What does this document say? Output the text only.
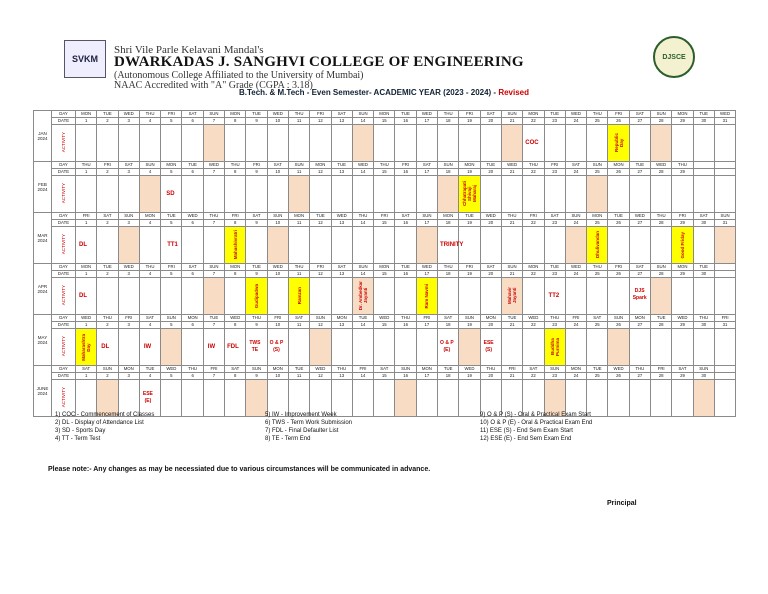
SVKM
Shri Vile Parle Kelavani Mandal's
DWARKADAS J. SANGHVI COLLEGE OF ENGINEERING
(Autonomous College Affiliated to the University of Mumbai)
NAAC Accredited with "A" Grade (CGPA : 3.18)
DJSCE
B.Tech. & M.Tech - Even Semester- ACADEMIC YEAR (2023 - 2024) - Revised
JAN
2024	DAY	MON	TUE	WED	THU	FRI	SAT	SUN	MON	TUE	WED	THU	FRI	SAT	SUN	MON	TUE	WED	THU	FRI	SAT	SUN	MON	TUE	WED	THU	FRI	SAT	SUN	MON	TUE	WED
	DATE	1	2	3	4	5	6	7	8	9	10	11	12	13	14	15	16	17	18	19	20	21	22	23	24	25	26	27	28	29	30	31
	ACTIVITY																						COC				Republic
Day					

FEB
2024	DAY	THU	FRI	SAT	SUN	MON	TUE	WED	THU	FRI	SAT	SUN	MON	TUE	WED	THU	FRI	SAT	SUN	MON	TUE	WED	THU	FRI	SAT	SUN	MON	TUE	WED	THU		
	DATE	1	2	3	4	5	6	7	8	9	10	11	12	13	14	15	16	17	18	19	20	21	22	23	24	25	26	27	28	29		
	ACTIVITY					SD														Chhatrapati
Shivaji
Maharaj												

MAR
2024	DAY	FRI	SAT	SUN	MON	TUE	WED	THU	FRI	SAT	SUN	MON	TUE	WED	THU	FRI	SAT	SUN	MON	TUE	WED	THU	FRI	SAT	SUN	MON	TUE	WED	THU	FRI	SAT	SUN
	DATE	1	2	3	4	5	6	7	8	9	10	11	12	13	14	15	16	17	18	19	20	21	22	23	24	25	26	27	28	29	30	31
	ACTIVITY	DL				TT1			Mahashivratri										TRINITY							Dhulivandan				Good Friday		

APR
2024	DAY	MON	TUE	WED	THU	FRI	SAT	SUN	MON	TUE	WED	THU	FRI	SAT	SUN	MON	TUE	WED	THU	FRI	SAT	SUN	MON	TUE	WED	THU	FRI	SAT	SUN	MON	TUE	
	DATE	1	2	3	4	5	6	7	8	9	10	11	12	13	14	15	16	17	18	19	20	21	22	23	24	25	26	27	28	29	30	
	ACTIVITY	DL								Gudipadwa		Ramzan			Dr. Ambedkar
Jayanti			Ram Navmi				Mahavir
Jayanti		TT2				DJS
Spark				

MAY
2024	DAY	WED	THU	FRI	SAT	SUN	MON	TUE	WED	THU	FRI	SAT	SUN	MON	TUE	WED	THU	FRI	SAT	SUN	MON	TUE	WED	THU	FRI	SAT	SUN	MON	TUE	WED	THU	FRI
	DATE	1	2	3	4	5	6	7	8	9	10	11	12	13	14	15	16	17	18	19	20	21	22	23	24	25	26	27	28	29	30	31
	ACTIVITY	Maharashtra
Day	DL		IW			IW	FDL	TWS
TE	O & P
(S)								O & P
(E)		ESE
(S)			Buddha
Purnima								

JUNE
2024	DAY	SAT	SUN	MON	TUE	WED	THU	FRI	SAT	SUN	MON	TUE	WED	THU	FRI	SAT	SUN	MON	TUE	WED	THU	FRI	SAT	SUN	MON	TUE	WED	THU	FRI	SAT	SUN	
	DATE	1	2	3	4	5	6	7	8	9	10	11	12	13	14	15	16	17	18	19	20	21	22	23	24	25	26	27	28	29	30	
	ACTIVITY				ESE
(E)																											

1) COC - Commencement of Classes
2) DL - Display of Attendance List
3) SD - Sports Day
4) TT - Term Test
5) IW - Improvement Week
6) TWS - Term Work Submission
7) FDL - Final Defaulter List
8) TE - Term End
9) O & P (S) - Oral & Practical Exam Start
10) O & P (E) - Oral & Practical Exam End
11) ESE (S) - End Sem Exam Start
12) ESE (E) - End Sem Exam End
Please note:- Any changes as may be necessiated due to various circumstances will be communicated in advance.
Principal
